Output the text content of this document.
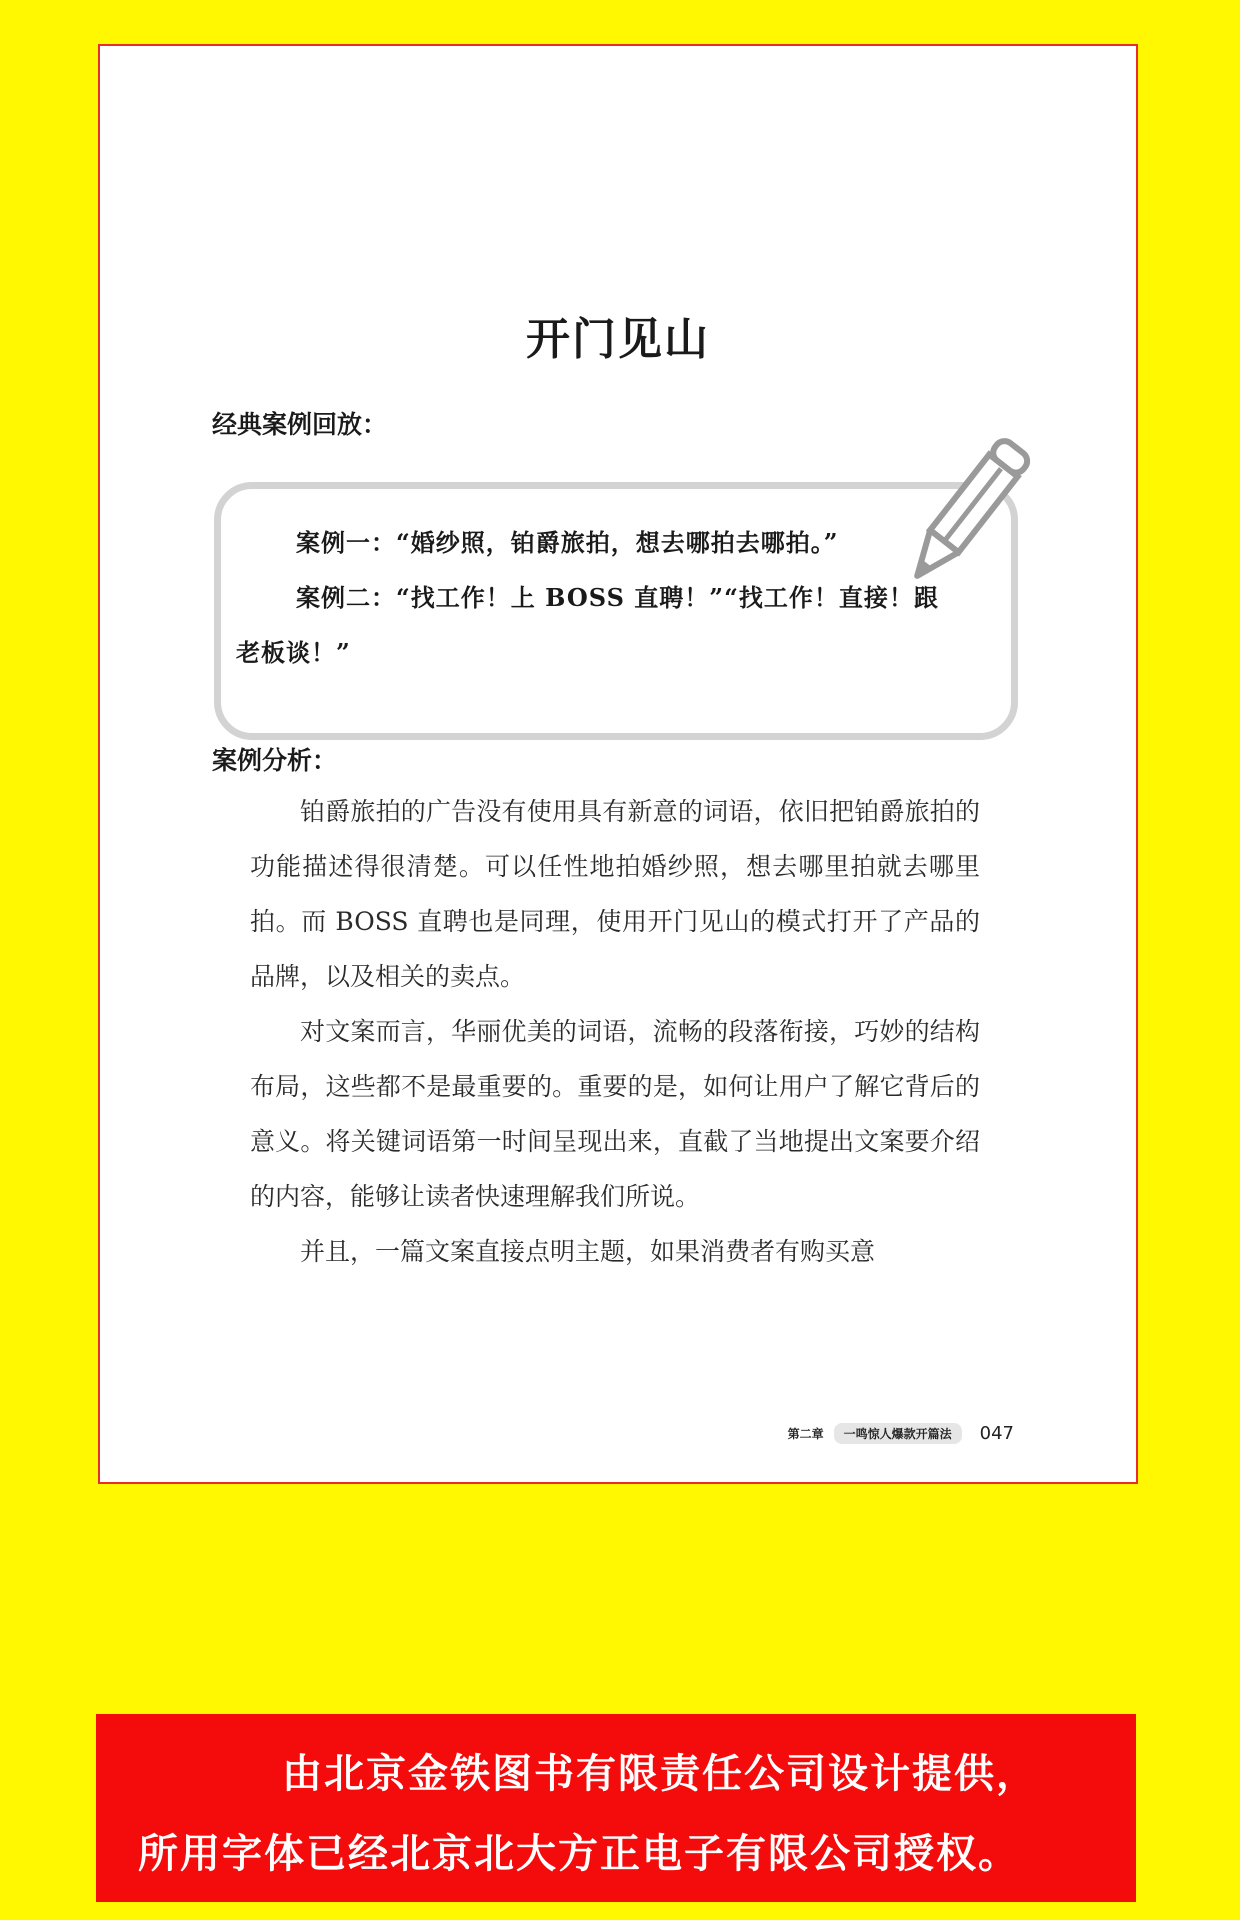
开门见山
经典案例回放：
案例一：“婚纱照，铂爵旅拍，想去哪拍去哪拍。”
案例二：“找工作！上 BOSS 直聘！”“找工作！直接！跟
老板谈！”
案例分析：

铂爵旅拍的广告没有使用具有新意的词语，依旧把铂爵旅拍的功能描述得很清楚。可以任性地拍婚纱照，想去哪里拍就去哪里拍。而 BOSS 直聘也是同理，使用开门见山的模式打开了产品的品牌，以及相关的卖点。

对文案而言，华丽优美的词语，流畅的段落衔接，巧妙的结构布局，这些都不是最重要的。重要的是，如何让用户了解它背后的意义。将关键词语第一时间呈现出来，直截了当地提出文案要介绍的内容，能够让读者快速理解我们所说。

并且，一篇文案直接点明主题，如果消费者有购买意

第二章	一鸣惊人爆款开篇法	047
由北京金铁图书有限责任公司设计提供，
所用字体已经北京北大方正电子有限公司授权。
